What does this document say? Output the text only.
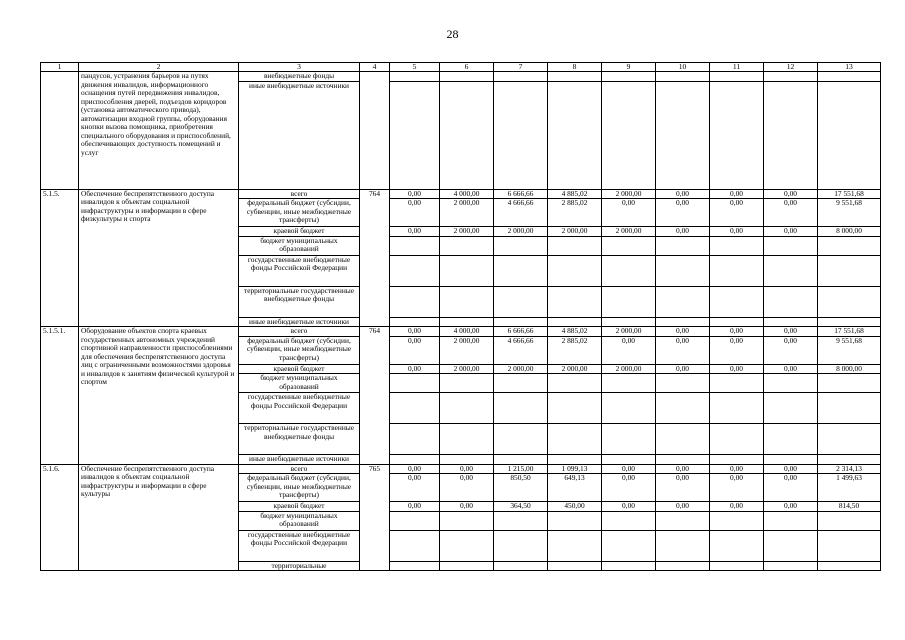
28
1	2	3	4	5	6	7	8	9	10	11	12	13
	пандусов, устранения барьеров на путях движения инвалидов, информационного оснащения путей передвижения инвалидов, приспособления дверей, подъездов коридоров (установка автоматического привода), автоматизации входной группы, оборудования кнопки вызова помощника, приобретения специального оборудования и приспособлений, обеспечивающих доступность помещений и услуг	внебюджетные фонды										
		иные внебюджетные источники										
5.1.5.	Обеспечение беспрепятственного доступа инвалидов к объектам социальной инфраструктуры и информации в сфере физкультуры и спорта	всего	764	0,00	4 000,00	6 666,66	4 885,02	2 000,00	0,00	0,00	0,00	17 551,68
		федеральный бюджет (субсидии, субвенции, иные межбюджетные трансферты)		0,00	2 000,00	4 666,66	2 885,02	0,00	0,00	0,00	0,00	9 551,68
		краевой бюджет		0,00	2 000,00	2 000,00	2 000,00	2 000,00	0,00	0,00	0,00	8 000,00
		бюджет муниципальных образований										
		государственные внебюджетные фонды Российской Федерации										
		территориальные государственные внебюджетные фонды										
		иные внебюджетные источники										
5.1.5.1.	Оборудование объектов спорта краевых государственных автономных учреждений спортивной направленности приспособлениями для обеспечения беспрепятственного доступа лиц с ограниченными возможностями здоровья и инвалидов к занятиям физической культурой и спортом	всего	764	0,00	4 000,00	6 666,66	4 885,02	2 000,00	0,00	0,00	0,00	17 551,68
		федеральный бюджет (субсидии, субвенции, иные межбюджетные трансферты)		0,00	2 000,00	4 666,66	2 885,02	0,00	0,00	0,00	0,00	9 551,68
		краевой бюджет		0,00	2 000,00	2 000,00	2 000,00	2 000,00	0,00	0,00	0,00	8 000,00
		бюджет муниципальных образований										
		государственные внебюджетные фонды Российской Федерации										
		территориальные государственные внебюджетные фонды										
		иные внебюджетные источники										
5.1.6.	Обеспечение беспрепятственного доступа инвалидов к объектам социальной инфраструктуры и информации в сфере культуры	всего	765	0,00	0,00	1 215,00	1 099,13	0,00	0,00	0,00	0,00	2 314,13
		федеральный бюджет (субсидии, субвенции, иные межбюджетные трансферты)		0,00	0,00	850,50	649,13	0,00	0,00	0,00	0,00	1 499,63
		краевой бюджет		0,00	0,00	364,50	450,00	0,00	0,00	0,00	0,00	814,50
		бюджет муниципальных образований										
		государственные внебюджетные фонды Российской Федерации										
		территориальные										
